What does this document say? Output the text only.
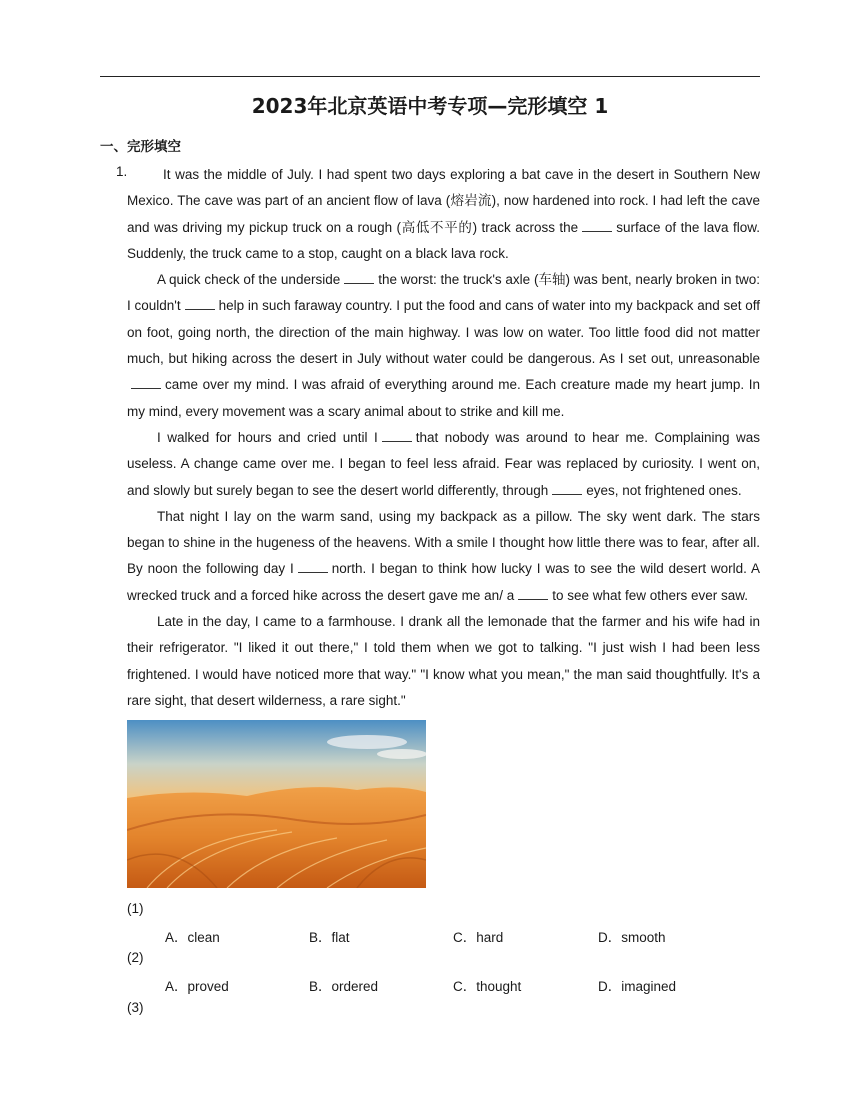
2023年北京英语中考专项—完形填空 1
一、完形填空
1.	It was the middle of July. I had spent two days exploring a bat cave in the desert in Southern New Mexico. The cave was part of an ancient flow of lava (熔岩流), now hardened into rock. I had left the cave and was driving my pickup truck on a rough (高低不平的) track across the	surface of the lava flow. Suddenly, the truck came to a stop, caught on a black lava rock.

A quick check of the underside	the worst: the truck's axle (车轴) was bent, nearly broken in two: I couldn't	help in such faraway country. I put the food and cans of water into my backpack and set off on foot, going north, the direction of the main highway. I was low on water. Too little food did not matter much, but hiking across the desert in July without water could be dangerous. As I set out, unreasonablecame over my mind. I was afraid of everything around me. Each creature made my heart jump. In my mind, every movement was a scary animal about to strike and kill me.

I walked for hours and cried until I	that nobody was around to hear me. Complaining was useless. A change came over me. I began to feel less afraid. Fear was replaced by curiosity. I went on, and slowly but surely began to see the desert world differently, through	eyes, not frightened ones.

That night I lay on the warm sand, using my backpack as a pillow. The sky went dark. The stars began to shine in the hugeness of the heavens. With a smile I thought how little there was to fear, after all. By noon the following day I	north. I began to think how lucky I was to see the wild desert world. A wrecked truck and a forced hike across the desert gave me an/ a	to see what few others ever saw.

Late in the day, I came to a farmhouse. I drank all the lemonade that the farmer and his wife had in their refrigerator. "I liked it out there," I told them when we got to talking. "I just wish I had been less frightened. I would have noticed more that way." "I know what you mean," the man said thoughtfully. It's a rare sight, that desert wilderness, a rare sight."

(1)
A．clean	B．flat	C．hard	D．smooth
(2)
A．proved	B．ordered	C．thought	D．imagined
(3)
